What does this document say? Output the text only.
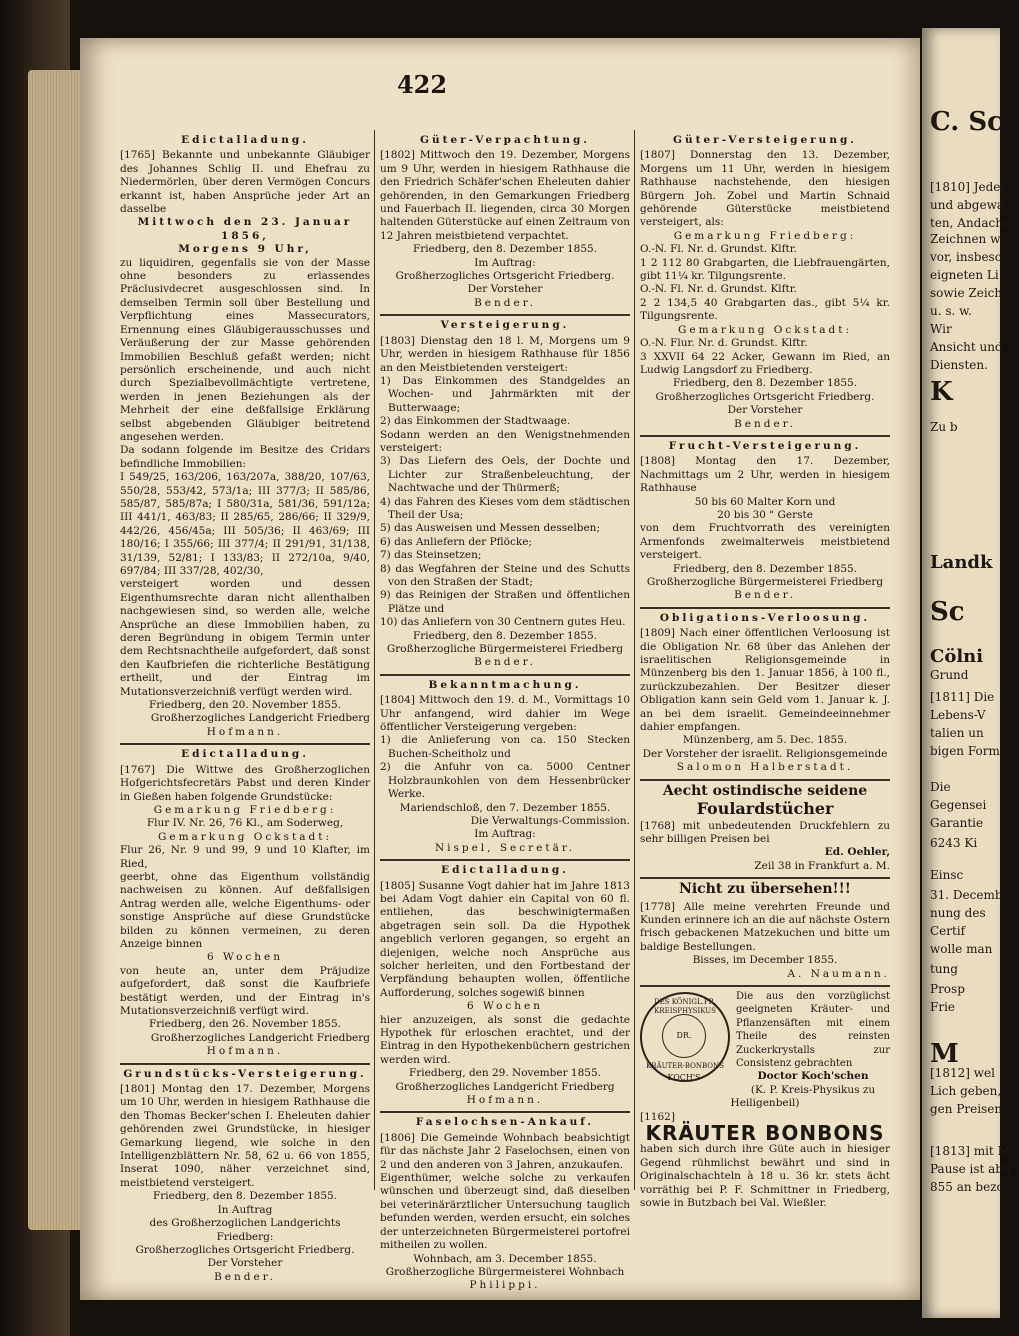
C. Sc
[1810] Jedet
und abgewa
ten, Andacht
Zeichnen w
vor, insbeso
eigneten Li
sowie Zeich
u. s. w.
Wir
Ansicht und
Diensten.
K
Zu b
Landk
Sc
Cölni
Grund
[1811] Die
Lebens-V
talien un
bigen Form
Die
Gegensei
Garantie
6243 Ki
Einsc
31. Decemb
nung des
Certif
wolle man
tung
Prosp
Frie
M
[1812] wel
Lich geben,
gen Preisen
[1813] mit M
Pause ist abh
855 an bezoge
422
Edictalladung.

[1765] Bekannte und unbekannte Gläubiger des Johannes Schlig II. und Ehefrau zu Niedermörlen, über deren Vermögen Concurs erkannt ist, haben Ansprüche jeder Art an dasselbe

Mittwoch den 23. Januar 1856,

Morgens 9 Uhr,

zu liquidiren, gegenfalls sie von der Masse ohne besonders zu erlassendes Präclusivdecret ausgeschlossen sind. In demselben Termin soll über Bestellung und Verpflichtung eines Massecurators, Ernennung eines Gläubigerausschusses und Veräußerung der zur Masse gehörenden Immobilien Beschluß gefaßt werden; nicht persönlich erscheinende, und auch nicht durch Spezialbevollmächtigte vertretene, werden in jenen Beziehungen als der Mehrheit der eine deßfallsige Erklärung selbst abgebenden Gläubiger beitretend angesehen werden.

Da sodann folgende im Besitze des Cridars befindliche Immobilien:

I 549/25, 163/206, 163/207a, 388/20, 107/63, 550/28, 553/42, 573/1a; III 377/3; II 585/86, 585/87, 585/87a; I 580/31a, 581/36, 591/12a; III 441/1, 463/83; II 285/65, 286/66; II 329/9, 442/26, 456/45a; III 505/36; II 463/69; III 180/16; I 355/66; III 377/4; II 291/91, 31/138, 31/139, 52/81; I 133/83; II 272/10a, 9/40, 697/84; III 337/28, 402/30,

versteigert worden und dessen Eigenthumsrechte daran nicht allenthalben nachgewiesen sind, so werden alle, welche Ansprüche an diese Immobilien haben, zu deren Begründung in obigem Termin unter dem Rechtsnachtheile aufgefordert, daß sonst den Kaufbriefen die richterliche Bestätigung ertheilt, und der Eintrag im Mutationsverzeichniß verfügt werden wird.

Friedberg, den 20. November 1855.

Großherzogliches Landgericht Friedberg

Hofmann.

Edictalladung.

[1767] Die Wittwe des Großherzoglichen Hofgerichtsfecretärs Pabst und deren Kinder in Gießen haben folgende Grundstücke:

Gemarkung Friedberg:

Flur IV. Nr. 26, 76 Kl., am Soderweg,

Gemarkung Ockstadt:

Flur 26, Nr. 9 und 99, 9 und 10 Klafter, im Ried,

geerbt, ohne das Eigenthum vollständig nachweisen zu können. Auf deßfallsigen Antrag werden alle, welche Eigenthums- oder sonstige Ansprüche auf diese Grundstücke bilden zu können vermeinen, zu deren Anzeige binnen

6 Wochen

von heute an, unter dem Präjudize aufgefordert, daß sonst die Kaufbriefe bestätigt werden, und der Eintrag in's Mutationsverzeichniß verfügt wird.

Friedberg, den 26. November 1855.

Großherzogliches Landgericht Friedberg

Hofmann.

Grundstücks-Versteigerung.

[1801] Montag den 17. Dezember, Morgens um 10 Uhr, werden in hiesigem Rathhause die den Thomas Becker'schen I. Eheleuten dahier gehörenden zwei Grundstücke, in hiesiger Gemarkung liegend, wie solche in den Intelligenzblättern Nr. 58, 62 u. 66 von 1855, Inserat 1090, näher verzeichnet sind, meistbietend versteigert.

Friedberg, den 8. Dezember 1855.

In Auftrag

des Großherzoglichen Landgerichts Friedberg:

Großherzogliches Ortsgericht Friedberg.

Der Vorsteher

Bender.

Güter-Verpachtung.

[1802] Mittwoch den 19. Dezember, Morgens um 9 Uhr, werden in hiesigem Rathhause die den Friedrich Schäfer'schen Eheleuten dahier gehörenden, in den Gemarkungen Friedberg und Fauerbach II. liegenden, circa 30 Morgen haltenden Güterstücke auf einen Zeitraum von 12 Jahren meistbietend verpachtet.

Friedberg, den 8. Dezember 1855.

Im Auftrag:

Großherzogliches Ortsgericht Friedberg.

Der Vorsteher

Bender.

Versteigerung.

[1803] Dienstag den 18 l. M, Morgens um 9 Uhr, werden in hiesigem Rathhause für 1856 an den Meistbietenden versteigert:

1) Das Einkommen des Standgeldes an Wochen- und Jahrmärkten mit der Butterwaage;

2) das Einkommen der Stadtwaage.

Sodann werden an den Wenigstnehmenden versteigert:

3) Das Liefern des Oels, der Dochte und Lichter zur Straßenbeleuchtung, der Nachtwache und der Thürmerß;

4) das Fahren des Kieses vom dem städtischen Theil der Usa;

5) das Ausweisen und Messen desselben;

6) das Anliefern der Pflöcke;

7) das Steinsetzen;

8) das Wegfahren der Steine und des Schutts von den Straßen der Stadt;

9) das Reinigen der Straßen und öffentlichen Plätze und

10) das Anliefern von 30 Centnern gutes Heu.

Friedberg, den 8. Dezember 1855.

Großherzogliche Bürgermeisterei Friedberg

Bender.

Bekanntmachung.

[1804] Mittwoch den 19. d. M., Vormittags 10 Uhr anfangend, wird dahier im Wege öffentlicher Versteigerung vergeben:

1) die Anlieferung von ca. 150 Stecken Buchen-Scheitholz und

2) die Anfuhr von ca. 5000 Centner Holzbraunkohlen von dem Hessenbrücker Werke.

Mariendschloß, den 7. Dezember 1855.

Die Verwaltungs-Commission.

Im Auftrag:

Nispel, Secretär.

Edictalladung.

[1805] Susanne Vogt dahier hat im Jahre 1813 bei Adam Vogt dahier ein Capital von 60 fl. entliehen, das beschwinigtermaßen abgetragen sein soll. Da die Hypothek angeblich verloren gegangen, so ergeht an diejenigen, welche noch Ansprüche aus solcher herleiten, und den Fortbestand der Verpfändung behaupten wollen, öffentliche Aufforderung, solches sogewiß binnen

6 Wochen

hier anzuzeigen, als sonst die gedachte Hypothek für erloschen erachtet, und der Eintrag in den Hypothekenbüchern gestrichen werden wird.

Friedberg, den 29. November 1855.

Großherzogliches Landgericht Friedberg

Hofmann.

Faselochsen-Ankauf.

[1806] Die Gemeinde Wohnbach beabsichtigt für das nächste Jahr 2 Faselochsen, einen von 2 und den anderen von 3 Jahren, anzukaufen.

Eigenthümer, welche solche zu verkaufen wünschen und überzeugt sind, daß dieselben bei veterinärärztlicher Untersuchung tauglich befunden werden, werden ersucht, ein solches der unterzeichneten Bürgermeisterei portofrei mitheilen zu wollen.

Wohnbach, am 3. December 1855.

Großherzogliche Bürgermeisterei Wohnbach

Philippi.

Güter-Versteigerung.

[1807] Donnerstag den 13. Dezember, Morgens um 11 Uhr, werden in hiesigem Rathhause nachstehende, den hiesigen Bürgern Joh. Zobel und Martin Schnaid gehörende Güterstücke meistbietend versteigert, als:

Gemarkung Friedberg:

O.-N. Fl. Nr. d. Grundst. Klftr.

1 2 112 80 Grabgarten, die Liebfrauengärten, gibt 11¼ kr. Tilgungsrente.

O.-N. Fl. Nr. d. Grundst. Klftr.

2 2 134,5 40 Grabgarten das., gibt 5¼ kr. Tilgungsrente.

Gemarkung Ockstadt:

O.-N. Flur. Nr. d. Grundst. Klftr.

3 XXVII 64 22 Acker, Gewann im Ried, an Ludwig Langsdorf zu Friedberg.

Friedberg, den 8. Dezember 1855.

Großherzogliches Ortsgericht Friedberg.

Der Vorsteher

Bender.

Frucht-Versteigerung.

[1808] Montag den 17. Dezember, Nachmittags um 2 Uhr, werden in hiesigem Rathhause

50 bis 60 Malter Korn und

20 bis 30 " Gerste

von dem Fruchtvorrath des vereinigten Armenfonds zweimalterweis meistbietend versteigert.

Friedberg, den 8. Dezember 1855.

Großherzogliche Bürgermeisterei Friedberg

Bender.

Obligations-Verloosung.

[1809] Nach einer öffentlichen Verloosung ist die Obligation Nr. 68 über das Anlehen der israelitischen Religionsgemeinde in Münzenberg bis den 1. Januar 1856, à 100 fl., zurückzubezahlen. Der Besitzer dieser Obligation kann sein Geld vom 1. Januar k. J. an bei dem israelit. Gemeindeeinnehmer dahier empfangen.

Münzenberg, am 5. Dec. 1855.

Der Vorsteher der israelit. Religionsgemeinde

Salomon Halberstadt.

Aecht ostindische seidene
Foulardstücher

[1768] mit unbedeutenden Druckfehlern zu sehr billigen Preisen bei

Ed. Oehler,

Zeil 38 in Frankfurt a. M.

Nicht zu übersehen!!!

[1778] Alle meine verehrten Freunde und Kunden erinnere ich an die auf nächste Ostern frisch gebackenen Matzekuchen und bitte um baldige Bestellungen.

Bisses, im December 1855.

A. Naumann.

DES KÖNIGL.PR. KREISPHYSIKUS
DR. KOCH'S
KRÄUTER-BONBONS

Die aus den vorzüglichst geeigneten Kräuter- und Pflanzensäften mit einem Theile des reinsten Zuckerkrystalls zur Consistenz gebrachten

Doctor Koch'schen

(K. P. Kreis-Physikus zu Heiligenbeil)

[1162]

KRÄUTER BONBONS

haben sich durch ihre Güte auch in hiesiger Gegend rühmlichst bewährt und sind in Originalschachteln à 18 u. 36 kr. stets ächt vorräthig bei P. F. Schmittner in Friedberg, sowie in Butzbach bei Val. Wießler.
